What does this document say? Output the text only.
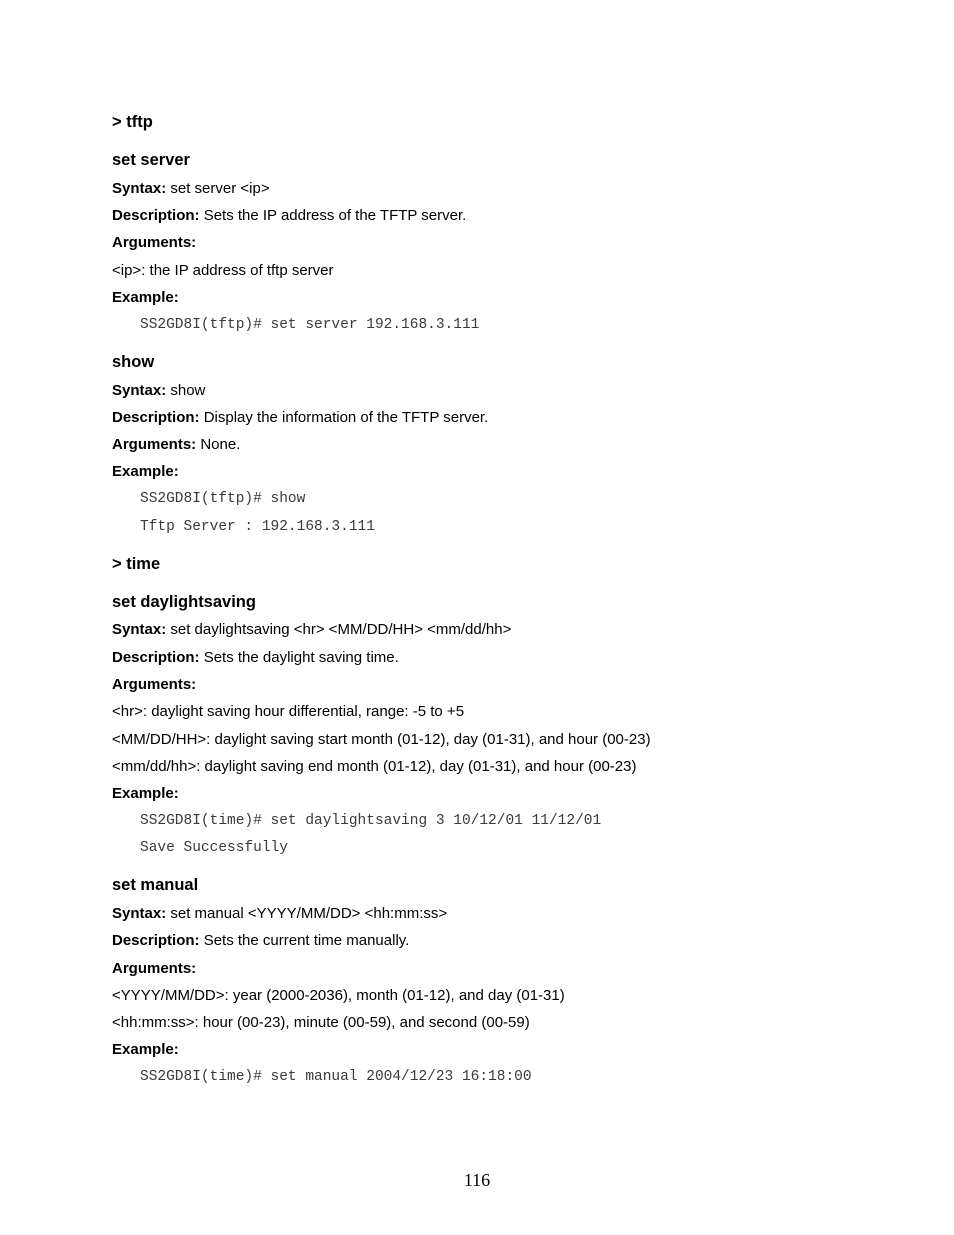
> tftp
set server
Syntax: set server <ip>
Description: Sets the IP address of the TFTP server.
Arguments:
<ip>: the IP address of tftp server
Example:
SS2GD8I(tftp)# set server 192.168.3.111
show
Syntax: show
Description: Display the information of the TFTP server.
Arguments: None.
Example:
SS2GD8I(tftp)# show
Tftp Server : 192.168.3.111
> time
set daylightsaving
Syntax: set daylightsaving <hr> <MM/DD/HH> <mm/dd/hh>
Description: Sets the daylight saving time.
Arguments:
<hr>: daylight saving hour differential, range: -5 to +5
<MM/DD/HH>: daylight saving start month (01-12), day (01-31), and hour (00-23)
<mm/dd/hh>: daylight saving end month (01-12), day (01-31), and hour (00-23)
Example:
SS2GD8I(time)# set daylightsaving 3 10/12/01 11/12/01
Save Successfully
set manual
Syntax: set manual <YYYY/MM/DD> <hh:mm:ss>
Description: Sets the current time manually.
Arguments:
<YYYY/MM/DD>: year (2000-2036), month (01-12), and day (01-31)
<hh:mm:ss>: hour (00-23), minute (00-59), and second (00-59)
Example:
SS2GD8I(time)# set manual 2004/12/23 16:18:00
116
